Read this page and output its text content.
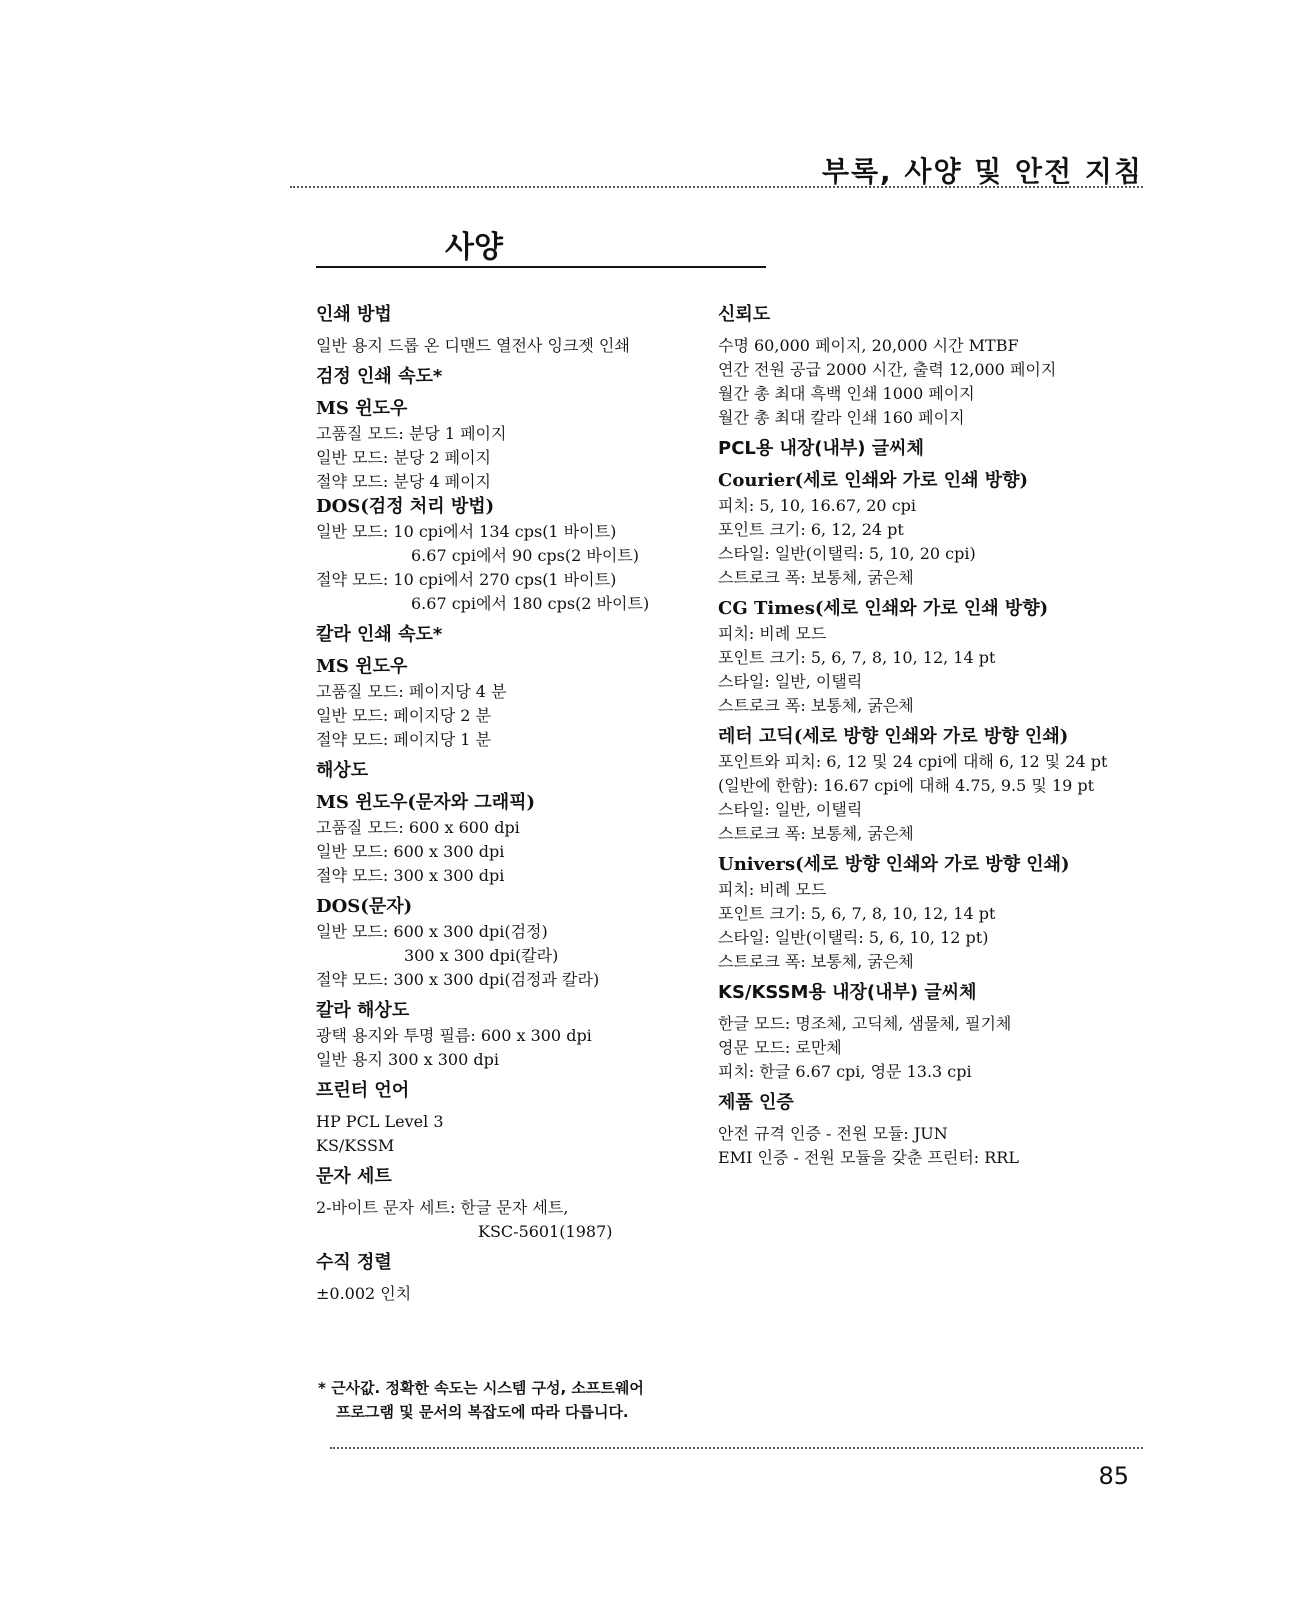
부록, 사양 및 안전 지침
사양
인쇄 방법

일반 용지 드롭 온 디맨드 열전사 잉크젯 인쇄

검정 인쇄 속도*
MS 윈도우

고품질 모드: 분당 1 페이지

일반 모드: 분당 2 페이지

절약 모드: 분당 4 페이지

DOS(검정 처리 방법)

일반 모드: 10 cpi에서 134 cps(1 바이트)

6.67 cpi에서 90 cps(2 바이트)

절약 모드: 10 cpi에서 270 cps(1 바이트)

6.67 cpi에서 180 cps(2 바이트)

칼라 인쇄 속도*
MS 윈도우

고품질 모드: 페이지당 4 분

일반 모드: 페이지당 2 분

절약 모드: 페이지당 1 분

해상도
MS 윈도우(문자와 그래픽)

고품질 모드: 600 x 600 dpi

일반 모드: 600 x 300 dpi

절약 모드: 300 x 300 dpi

DOS(문자)

일반 모드: 600 x 300 dpi(검정)

300 x 300 dpi(칼라)

절약 모드: 300 x 300 dpi(검정과 칼라)

칼라 해상도

광택 용지와 투명 필름: 600 x 300 dpi

일반 용지 300 x 300 dpi

프린터 언어

HP PCL Level 3

KS/KSSM

문자 세트

2-바이트 문자 세트: 한글 문자 세트,

KSC-5601(1987)

수직 정렬

±0.002 인치

신뢰도

수명 60,000 페이지, 20,000 시간 MTBF

연간 전원 공급 2000 시간, 출력 12,000 페이지

월간 총 최대 흑백 인쇄 1000 페이지

월간 총 최대 칼라 인쇄 160 페이지

PCL용 내장(내부) 글씨체
Courier(세로 인쇄와 가로 인쇄 방향)

피치: 5, 10, 16.67, 20 cpi

포인트 크기: 6, 12, 24 pt

스타일: 일반(이탤릭: 5, 10, 20 cpi)

스트로크 폭: 보통체, 굵은체

CG Times(세로 인쇄와 가로 인쇄 방향)

피치: 비례 모드

포인트 크기: 5, 6, 7, 8, 10, 12, 14 pt

스타일: 일반, 이탤릭

스트로크 폭: 보통체, 굵은체

레터 고딕(세로 방향 인쇄와 가로 방향 인쇄)

포인트와 피치: 6, 12 및 24 cpi에 대해 6, 12 및 24 pt

(일반에 한함): 16.67 cpi에 대해 4.75, 9.5 및 19 pt

스타일: 일반, 이탤릭

스트로크 폭: 보통체, 굵은체

Univers(세로 방향 인쇄와 가로 방향 인쇄)

피치: 비례 모드

포인트 크기: 5, 6, 7, 8, 10, 12, 14 pt

스타일: 일반(이탤릭: 5, 6, 10, 12 pt)

스트로크 폭: 보통체, 굵은체

KS/KSSM용 내장(내부) 글씨체

한글 모드: 명조체, 고딕체, 샘물체, 필기체

영문 모드: 로만체

피치: 한글 6.67 cpi, 영문 13.3 cpi

제품 인증

안전 규격 인증 - 전원 모듈: JUN

EMI 인증 - 전원 모듈을 갖춘 프린터: RRL

* 근사값. 정확한 속도는 시스템 구성, 소프트웨어
프로그램 및 문서의 복잡도에 따라 다릅니다.
85
